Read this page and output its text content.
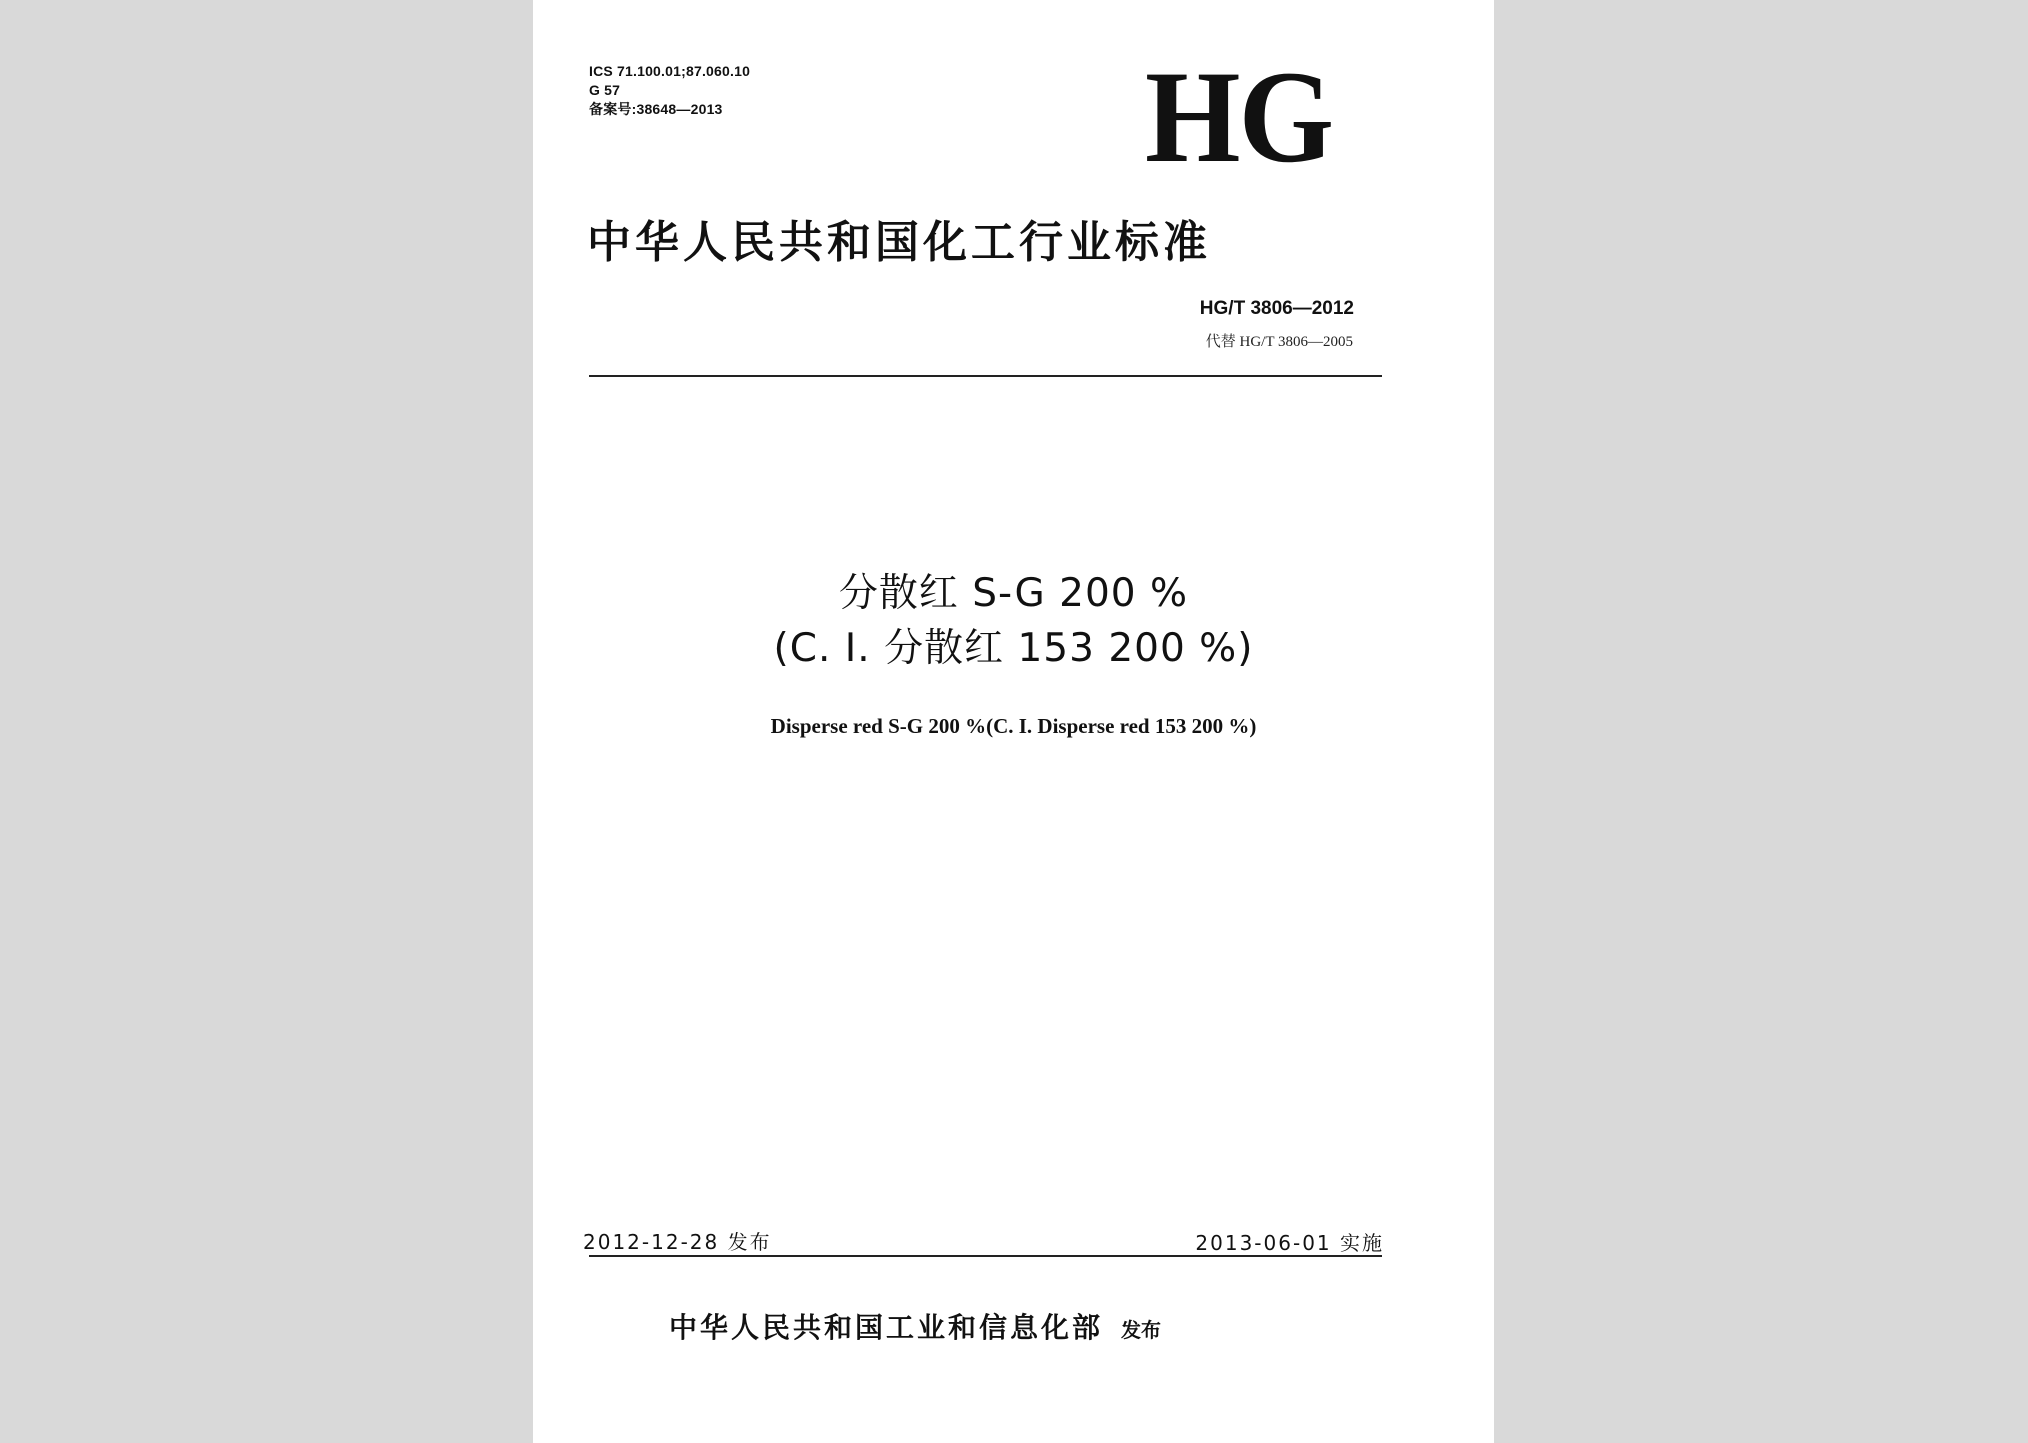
ICS 71.100.01;87.060.10
G 57
备案号:38648—2013	HG
中华人民共和国化工行业标准
HG/T 3806—2012
代替 HG/T 3806—2005
分散红 S-G 200 %
(C. I. 分散红 153 200 %)
Disperse red S-G 200 %(C. I. Disperse red 153 200 %)
2012-12-28 发布	2013-06-01 实施
中华人民共和国工业和信息化部 发布
